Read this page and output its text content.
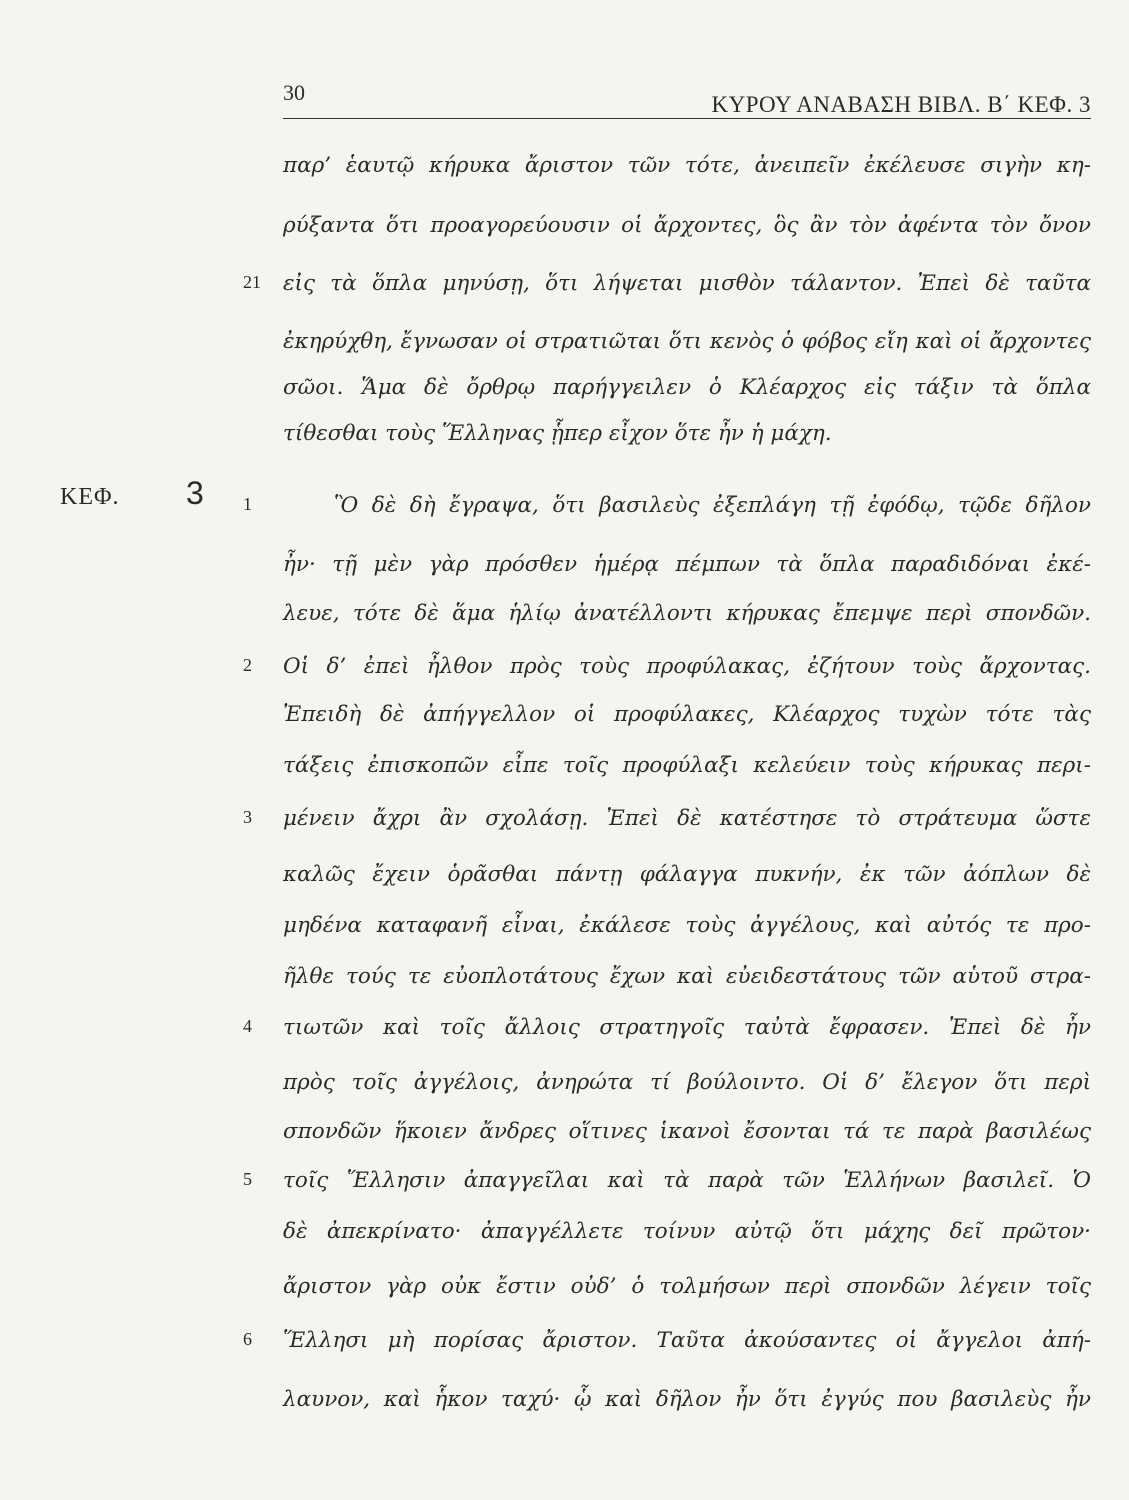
30	ΚΥΡΟΥ ΑΝΑΒΑΣΗ ΒΙΒΛ. Β΄ ΚΕΦ. 3
ΚΕΦ. 3
παρ’ ἑαυτῷ κήρυκα ἄριστον τῶν τότε, ἀνειπεῖν ἐκέλευσε σιγὴν κη-
ρύξαντα ὅτι προαγορεύουσιν οἱ ἄρχοντες, ὃς ἂν τὸν ἀφέντα τὸν ὄνον
21 εἰς τὰ ὅπλα μηνύσῃ, ὅτι λήψεται μισθὸν τάλαντον. Ἐπεὶ δὲ ταῦτα
ἐκηρύχθη, ἔγνωσαν οἱ στρατιῶται ὅτι κενὸς ὁ φόβος εἴη καὶ οἱ ἄρχοντες
σῶοι. Ἅμα δὲ ὄρθρῳ παρήγγειλεν ὁ Κλέαρχος εἰς τάξιν τὰ ὅπλα
τίθεσθαι τοὺς Ἕλληνας ᾗπερ εἶχον ὅτε ἦν ἡ μάχη.
1	Ὃ δὲ δὴ ἔγραψα, ὅτι βασιλεὺς ἐξεπλάγη τῇ ἐφόδῳ, τῷδε δῆλον
ἦν· τῇ μὲν γὰρ πρόσθεν ἡμέρᾳ πέμπων τὰ ὅπλα παραδιδόναι ἐκέ-
λευε, τότε δὲ ἅμα ἡλίῳ ἀνατέλλοντι κήρυκας ἔπεμψε περὶ σπονδῶν.
2	Οἱ δ’ ἐπεὶ ἦλθον πρὸς τοὺς προφύλακας, ἐζήτουν τοὺς ἄρχοντας.
Ἐπειδὴ δὲ ἀπήγγελλον οἱ προφύλακες, Κλέαρχος τυχὼν τότε τὰς
τάξεις ἐπισκοπῶν εἶπε τοῖς προφύλαξι κελεύειν τοὺς κήρυκας περι-
3	μένειν ἄχρι ἂν σχολάσῃ. Ἐπεὶ δὲ κατέστησε τὸ στράτευμα ὥστε
καλῶς ἔχειν ὁρᾶσθαι πάντῃ φάλαγγα πυκνήν, ἐκ τῶν ἀόπλων δὲ
μηδένα καταφανῆ εἶναι, ἐκάλεσε τοὺς ἀγγέλους, καὶ αὐτός τε προ-
ῆλθε τούς τε εὐοπλοτάτους ἔχων καὶ εὐειδεστάτους τῶν αὑτοῦ στρα-
4	τιωτῶν καὶ τοῖς ἄλλοις στρατηγοῖς ταὐτὰ ἔφρασεν. Ἐπεὶ δὲ ἦν
πρὸς τοῖς ἀγγέλοις, ἀνηρώτα τί βούλοιντο. Οἱ δ’ ἔλεγον ὅτι περὶ
σπονδῶν ἥκοιεν ἄνδρες οἵτινες ἱκανοὶ ἔσονται τά τε παρὰ βασιλέως
5	τοῖς Ἕλλησιν ἀπαγγεῖλαι καὶ τὰ παρὰ τῶν Ἑλλήνων βασιλεῖ. Ὁ
δὲ ἀπεκρίνατο· ἀπαγγέλλετε τοίνυν αὐτῷ ὅτι μάχης δεῖ πρῶτον·
ἄριστον γὰρ οὐκ ἔστιν οὐδ’ ὁ τολμήσων περὶ σπονδῶν λέγειν τοῖς
6	Ἕλλησι μὴ πορίσας ἄριστον. Ταῦτα ἀκούσαντες οἱ ἄγγελοι ἀπή-
λαυνον, καὶ ἧκον ταχύ· ᾧ καὶ δῆλον ἦν ὅτι ἐγγύς που βασιλεὺς ἦν
